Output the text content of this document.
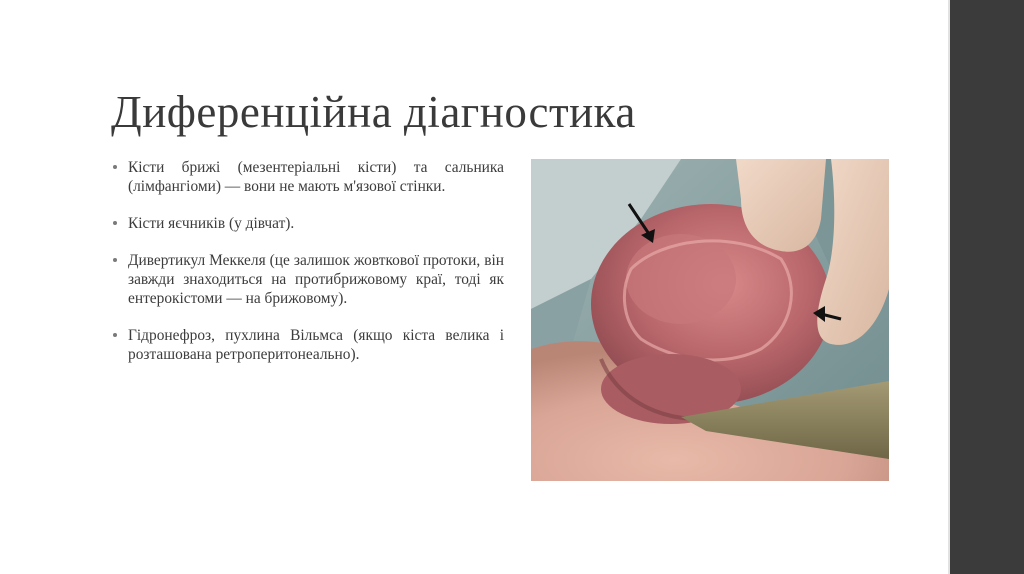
Диференційна діагностика
Кісти брижі (мезентеріальні кісти) та сальника (лімфангіоми) — вони не мають м'язової стінки.
Кісти яєчників (у дівчат).
Дивертикул Меккеля (це залишок жовткової протоки, він завжди знаходиться на протибрижовому краї, тоді як ентерокістоми — на брижовому).
Гідронефроз, пухлина Вільмса (якщо кіста велика і розташована ретроперитонеально).
